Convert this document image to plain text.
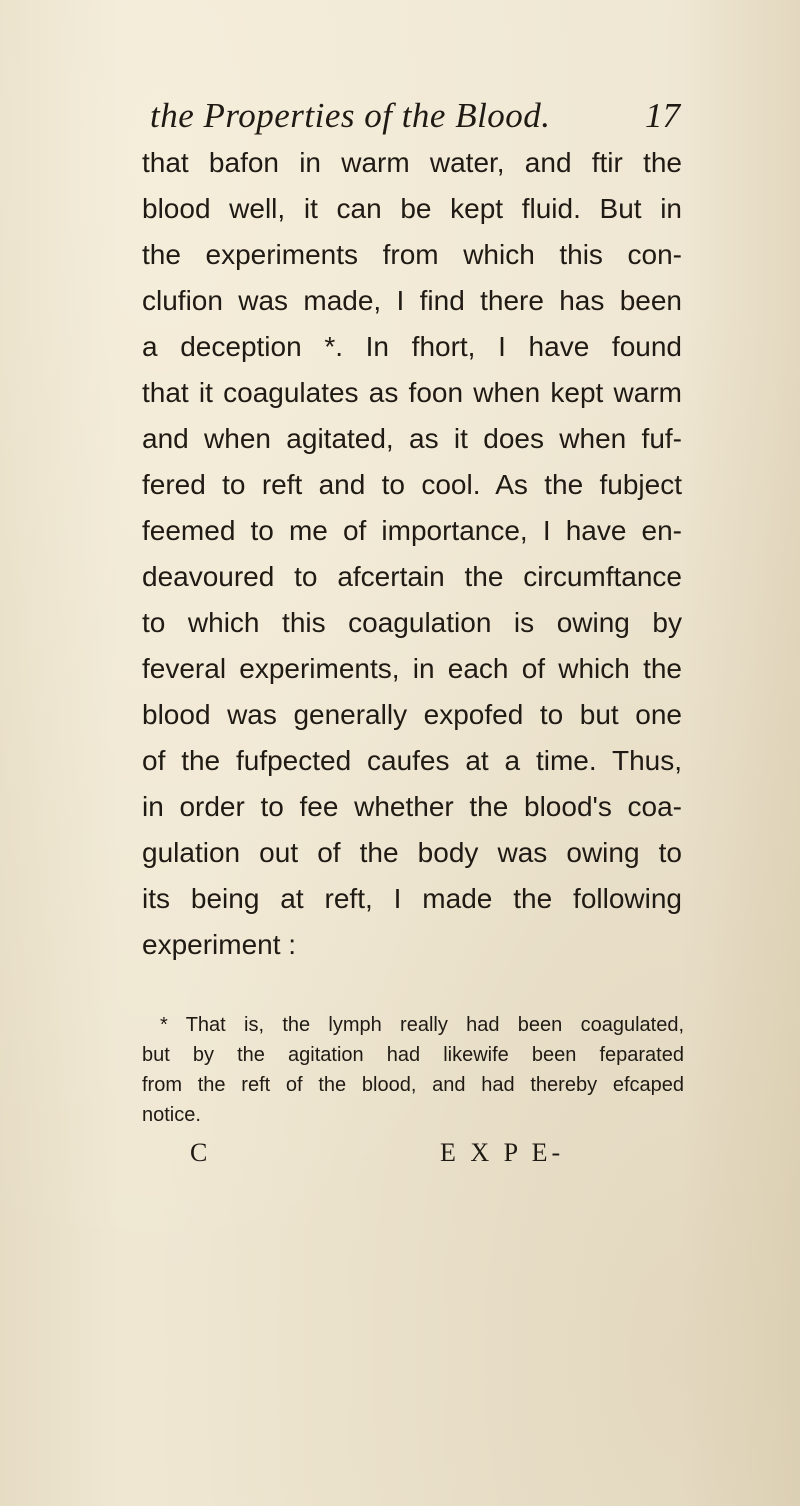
the Properties of the Blood.	17
that bafon in warm water, and ftir the
blood well, it can be kept fluid. But in
the experiments from which this con-
clufion was made, I find there has been
a deception *. In fhort, I have found
that it coagulates as foon when kept warm
and when agitated, as it does when fuf-
fered to reft and to cool. As the fubject
feemed to me of importance, I have en-
deavoured to afcertain the circumftance
to which this coagulation is owing by
feveral experiments, in each of which the
blood was generally expofed to but one
of the fufpected caufes at a time. Thus,
in order to fee whether the blood's coa-
gulation out of the body was owing to
its being at reft, I made the following
experiment :
* That is, the lymph really had been coagulated,
but by the agitation had likewife been feparated
from the reft of the blood, and had thereby efcaped
notice.
C	E X P E-
